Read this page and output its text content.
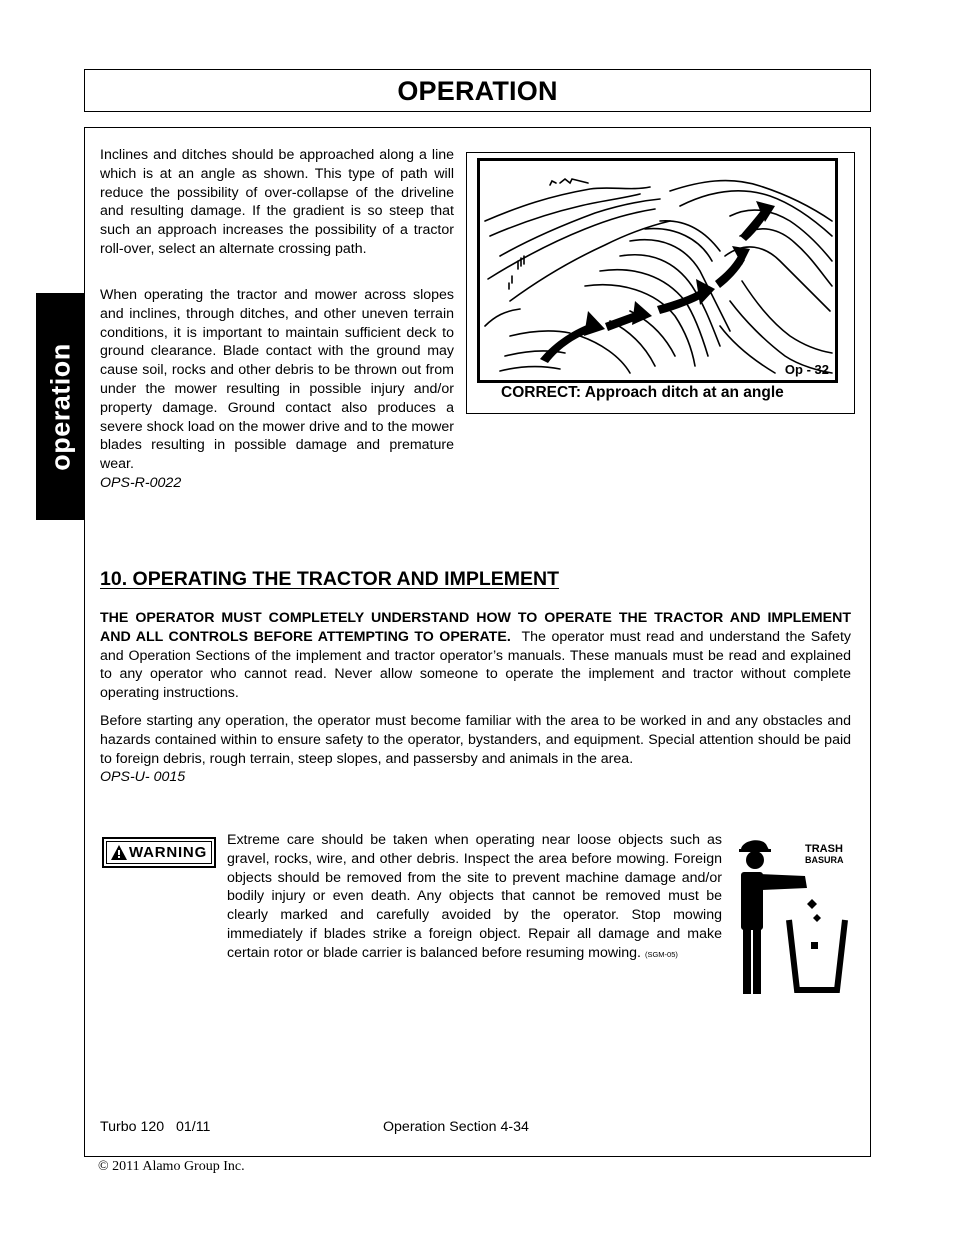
OPERATION
operation
Inclines and ditches should be approached along a line which is at an angle as shown. This type of path will reduce the possibility of over-collapse of the driveline and resulting damage. If the gradient is so steep that such an approach increases the possibility of a tractor roll-over, select an alternate crossing path.
When operating the tractor and mower across slopes and inclines, through ditches, and other uneven terrain conditions, it is important to maintain sufficient deck to ground clearance. Blade contact with the ground may cause soil, rocks and other debris to be thrown out from under the mower resulting in possible injury and/or property damage. Ground contact also produces a severe shock load on the mower drive and to the mower blades resulting in possible damage and premature wear.
OPS-R-0022
Op - 32
CORRECT: Approach ditch at an angle
10. OPERATING THE TRACTOR AND IMPLEMENT
THE OPERATOR MUST COMPLETELY UNDERSTAND HOW TO OPERATE THE TRACTOR AND IMPLEMENT AND ALL CONTROLS BEFORE ATTEMPTING TO OPERATE. The operator must read and understand the Safety and Operation Sections of the implement and tractor operator’s manuals. These manuals must be read and explained to any operator who cannot read. Never allow someone to operate the implement and tractor without complete operating instructions.
Before starting any operation, the operator must become familiar with the area to be worked in and any obstacles and hazards contained within to ensure safety to the operator, bystanders, and equipment. Special attention should be paid to foreign debris, rough terrain, steep slopes, and passersby and animals in the area.
OPS-U- 0015
WARNING
Extreme care should be taken when operating near loose objects such as gravel, rocks, wire, and other debris. Inspect the area before mowing. Foreign objects should be removed from the site to prevent machine damage and/or bodily injury or even death. Any objects that cannot be removed must be clearly marked and carefully avoided by the operator. Stop mowing immediately if blades strike a foreign object. Repair all damage and make certain rotor or blade carrier is balanced before resuming mowing. (SGM-05)
TRASH
BASURA
Turbo 120   01/11	Operation Section 4-34
© 2011 Alamo Group Inc.
